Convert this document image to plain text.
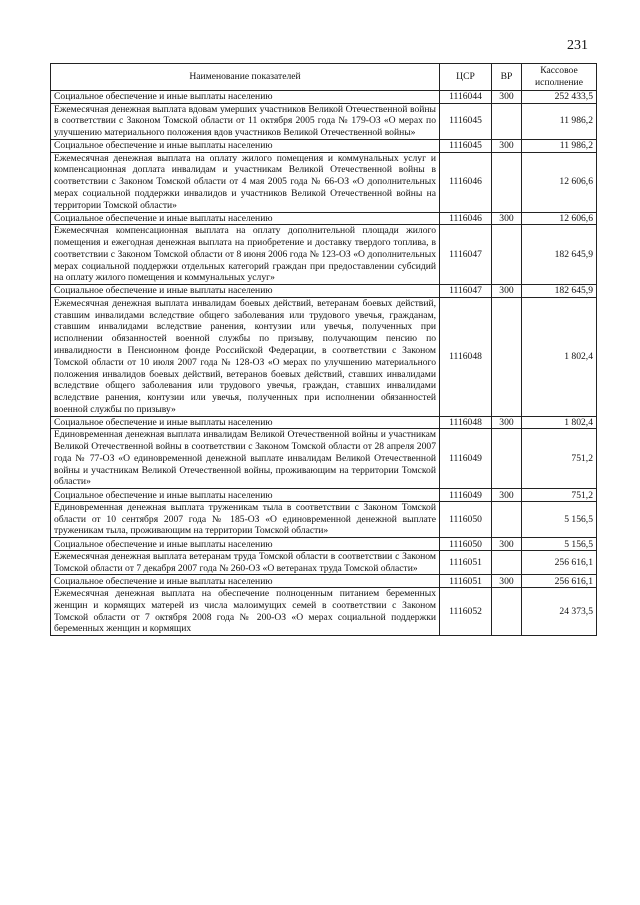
231
Наименование показателей	ЦСР	ВР	Кассовое исполнение
Социальное обеспечение и иные выплаты населению	1116044	300	252 433,5
Ежемесячная денежная выплата вдовам умерших участников Великой Отечественной войны в соответствии с Законом Томской области от 11 октября 2005 года № 179-ОЗ «О мерах по улучшению материального положения вдов участников Великой Отечественной войны»	1116045		11 986,2
Социальное обеспечение и иные выплаты населению	1116045	300	11 986,2
Ежемесячная денежная выплата на оплату жилого помещения и коммунальных услуг и компенсационная доплата инвалидам и участникам Великой Отечественной войны в соответствии с Законом Томской области от 4 мая 2005 года № 66-ОЗ «О дополнительных мерах социальной поддержки инвалидов и участников Великой Отечественной войны на территории Томской области»	1116046		12 606,6
Социальное обеспечение и иные выплаты населению	1116046	300	12 606,6
Ежемесячная компенсационная выплата на оплату дополнительной площади жилого помещения и ежегодная денежная выплата на приобретение и доставку твердого топлива, в соответствии с Законом Томской области от 8 июня 2006 года № 123-ОЗ «О дополнительных мерах социальной поддержки отдельных категорий граждан при предоставлении субсидий на оплату жилого помещения и коммунальных услуг»	1116047		182 645,9
Социальное обеспечение и иные выплаты населению	1116047	300	182 645,9
Ежемесячная денежная выплата инвалидам боевых действий, ветеранам боевых действий, ставшим инвалидами вследствие общего заболевания или трудового увечья, гражданам, ставшим инвалидами вследствие ранения, контузии или увечья, полученных при исполнении обязанностей военной службы по призыву, получающим пенсию по инвалидности в Пенсионном фонде Российской Федерации, в соответствии с Законом Томской области от 10 июля 2007 года № 128-ОЗ «О мерах по улучшению материального положения инвалидов боевых действий, ветеранов боевых действий, ставших инвалидами вследствие общего заболевания или трудового увечья, граждан, ставших инвалидами вследствие ранения, контузии или увечья, полученных при исполнении обязанностей военной службы по призыву»	1116048		1 802,4
Социальное обеспечение и иные выплаты населению	1116048	300	1 802,4
Единовременная денежная выплата инвалидам Великой Отечественной войны и участникам Великой Отечественной войны в соответствии с Законом Томской области от 28 апреля 2007 года № 77-ОЗ «О единовременной денежной выплате инвалидам Великой Отечественной войны и участникам Великой Отечественной войны, проживающим на территории Томской области»	1116049		751,2
Социальное обеспечение и иные выплаты населению	1116049	300	751,2
Единовременная денежная выплата труженикам тыла в соответствии с Законом Томской области от 10 сентября 2007 года № 185-ОЗ «О единовременной денежной выплате труженикам тыла, проживающим на территории Томской области»	1116050		5 156,5
Социальное обеспечение и иные выплаты населению	1116050	300	5 156,5
Ежемесячная денежная выплата ветеранам труда Томской области в соответствии с Законом Томской области от 7 декабря 2007 года № 260-ОЗ «О ветеранах труда Томской области»	1116051		256 616,1
Социальное обеспечение и иные выплаты населению	1116051	300	256 616,1
Ежемесячная денежная выплата на обеспечение полноценным питанием беременных женщин и кормящих матерей из числа малоимущих семей в соответствии с Законом Томской области от 7 октября 2008 года № 200-ОЗ «О мерах социальной поддержки беременных женщин и кормящих	1116052		24 373,5
